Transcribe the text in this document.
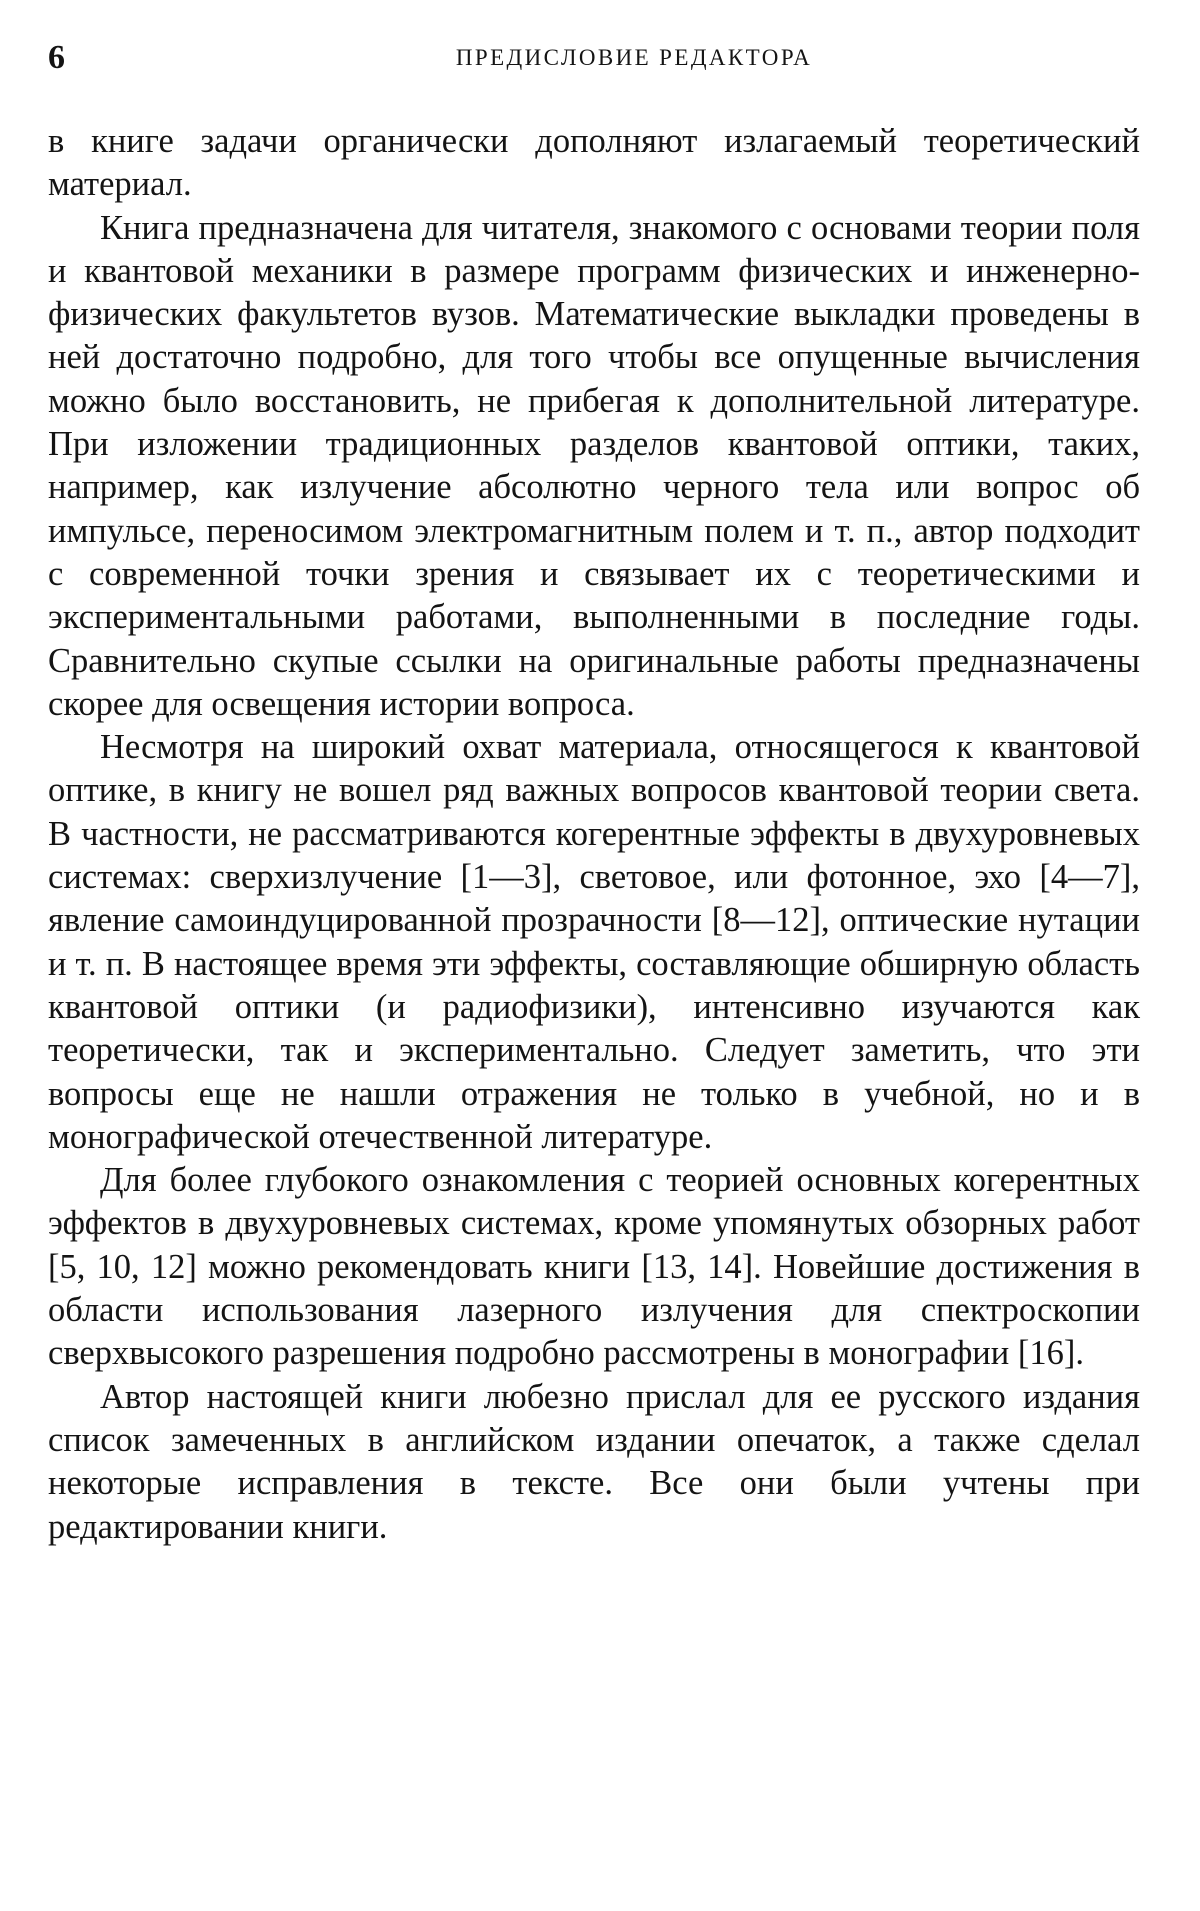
6	ПРЕДИСЛОВИЕ РЕДАКТОРА

в книге задачи органически дополняют излагаемый теоретический материал.

Книга предназначена для читателя, знакомого с основами теории поля и квантовой механики в размере программ физических и инженерно-физических факультетов вузов. Математические выкладки проведены в ней достаточно подробно, для того чтобы все опущенные вычисления можно было восстановить, не прибегая к дополнительной литературе. При изложении традиционных разделов квантовой оптики, таких, например, как излучение абсолютно черного тела или вопрос об импульсе, переносимом электромагнитным полем и т. п., автор подходит с современной точки зрения и связывает их с теоретическими и экспериментальными работами, выполненными в последние годы. Сравнительно скупые ссылки на оригинальные работы предназначены скорее для освещения истории вопроса.

Несмотря на широкий охват материала, относящегося к квантовой оптике, в книгу не вошел ряд важных вопросов квантовой теории света. В частности, не рассматриваются когерентные эффекты в двухуровневых системах: сверхизлучение [1—3], световое, или фотонное, эхо [4—7], явление самоиндуцированной прозрачности [8—12], оптические нутации и т. п. В настоящее время эти эффекты, составляющие обширную область квантовой оптики (и радиофизики), интенсивно изучаются как теоретически, так и экспериментально. Следует заметить, что эти вопросы еще не нашли отражения не только в учебной, но и в монографической отечественной литературе.

Для более глубокого ознакомления с теорией основных когерентных эффектов в двухуровневых системах, кроме упомянутых обзорных работ [5, 10, 12] можно рекомендовать книги [13, 14]. Новейшие достижения в области использования лазерного излучения для спектроскопии сверхвысокого разрешения подробно рассмотрены в монографии [16].

Автор настоящей книги любезно прислал для ее русского издания список замеченных в английском издании опечаток, а также сделал некоторые исправления в тексте. Все они были учтены при редактировании книги.
